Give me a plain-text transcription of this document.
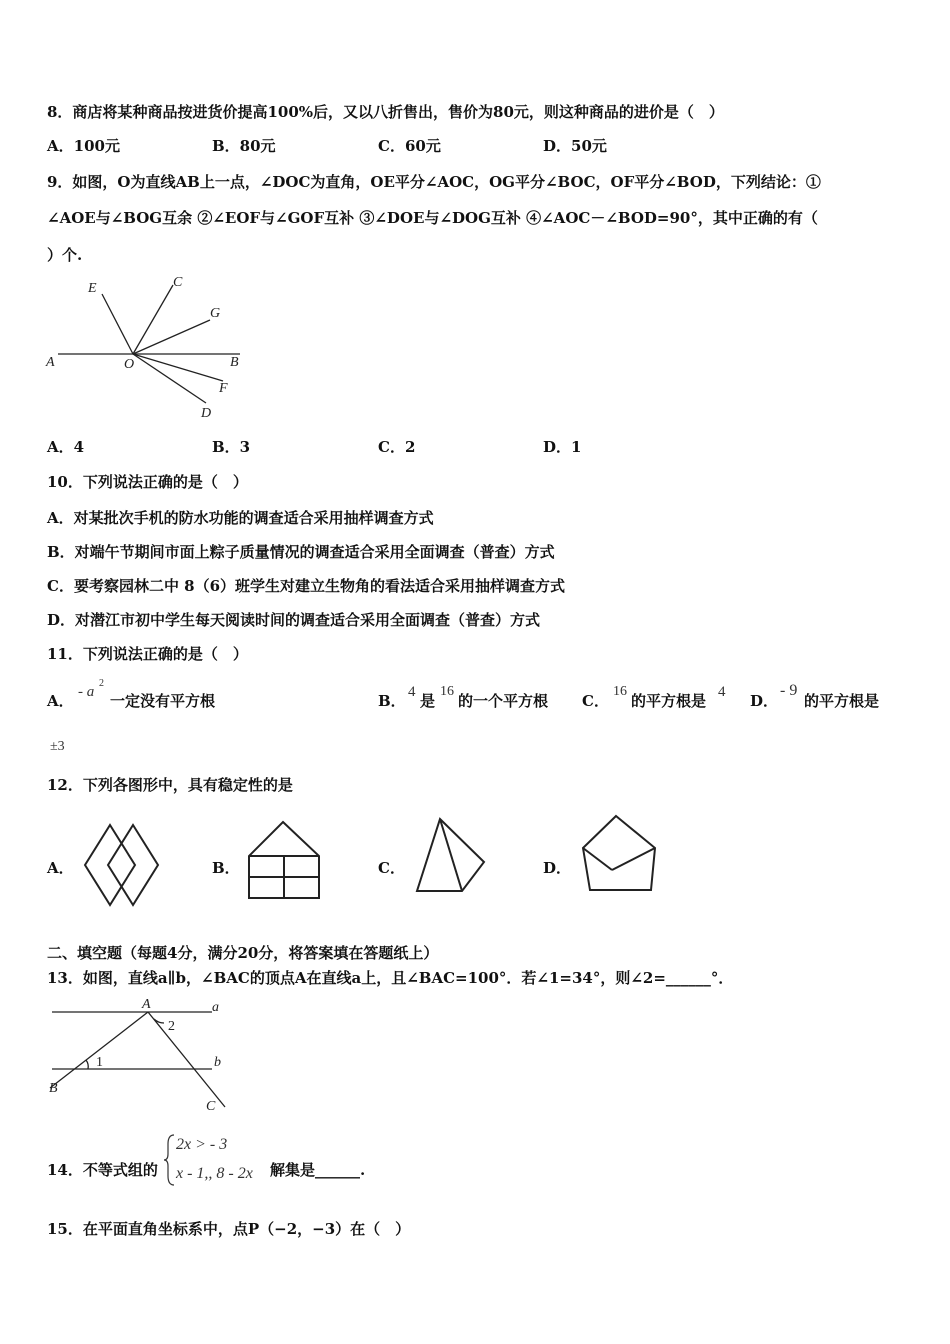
8．商店将某种商品按进货价提高100%后，又以八折售出，售价为80元，则这种商品的进价是（　）
A．100元	B．80元	C．60元	D．50元
9．如图，O为直线AB上一点，∠DOC为直角，OE平分∠AOC，OG平分∠BOC，OF平分∠BOD，下列结论：①
∠AOE与∠BOG互余 ②∠EOF与∠GOF互补 ③∠DOE与∠DOG互补 ④∠AOC－∠BOD=90°，其中正确的有（
）个.
E	C
G
A	O	B
F
D
A．4	B．3	C．2	D．1
10．下列说法正确的是（　）
A．对某批次手机的防水功能的调查适合采用抽样调查方式
B．对端午节期间市面上粽子质量情况的调查适合采用全面调查（普查）方式
C．要考察园林二中 8（6）班学生对建立生物角的看法适合采用抽样调查方式
D．对潜江市初中学生每天阅读时间的调查适合采用全面调查（普查）方式
11．下列说法正确的是（　）
A． - a
2
一定没有平方根	B． 4 是
16
的一个平方根 C．
16
的平方根是 4 D．
- 9
的平方根是
±3
12．下列各图形中，具有稳定性的是
A．	B．	C．	D．
二、填空题（每题4分，满分20分，将答案填在答题纸上）
13．如图，直线a∥b，∠BAC的顶点A在直线a上，且∠BAC=100°．若∠1=34°，则∠2=______°．
A	a
2
1	b
B
C
14．不等式组的
2x > - 3
x - 1,, 8 - 2x 解集是______.
15．在平面直角坐标系中，点P（−2，−3）在（　）
